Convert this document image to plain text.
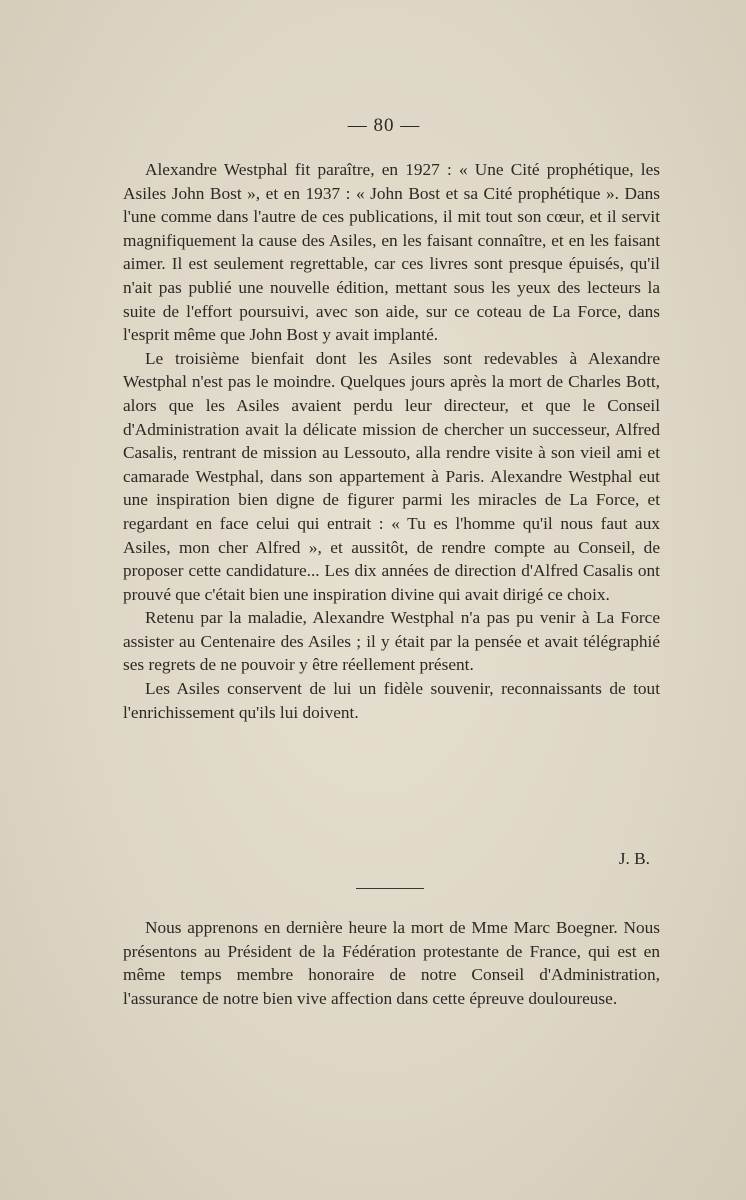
— 80 —

Alexandre Westphal fit paraître, en 1927 : « Une Cité prophétique, les Asiles John Bost », et en 1937 : « John Bost et sa Cité prophétique ». Dans l'une comme dans l'autre de ces publications, il mit tout son cœur, et il servit magnifiquement la cause des Asiles, en les faisant connaître, et en les faisant aimer. Il est seulement regrettable, car ces livres sont presque épuisés, qu'il n'ait pas publié une nouvelle édition, mettant sous les yeux des lecteurs la suite de l'effort poursuivi, avec son aide, sur ce coteau de La Force, dans l'esprit même que John Bost y avait implanté.

Le troisième bienfait dont les Asiles sont redevables à Alexandre Westphal n'est pas le moindre. Quelques jours après la mort de Charles Bott, alors que les Asiles avaient perdu leur directeur, et que le Conseil d'Administration avait la délicate mission de chercher un successeur, Alfred Casalis, rentrant de mission au Lessouto, alla rendre visite à son vieil ami et camarade Westphal, dans son appartement à Paris. Alexandre Westphal eut une inspiration bien digne de figurer parmi les miracles de La Force, et regardant en face celui qui entrait : « Tu es l'homme qu'il nous faut aux Asiles, mon cher Alfred », et aussitôt, de rendre compte au Conseil, de proposer cette candidature... Les dix années de direction d'Alfred Casalis ont prouvé que c'était bien une inspiration divine qui avait dirigé ce choix.

Retenu par la maladie, Alexandre Westphal n'a pas pu venir à La Force assister au Centenaire des Asiles ; il y était par la pensée et avait télégraphié ses regrets de ne pouvoir y être réellement présent.

Les Asiles conservent de lui un fidèle souvenir, reconnaissants de tout l'enrichissement qu'ils lui doivent.

J. B.

Nous apprenons en dernière heure la mort de Mme Marc Boegner. Nous présentons au Président de la Fédération protestante de France, qui est en même temps membre honoraire de notre Conseil d'Administration, l'assurance de notre bien vive affection dans cette épreuve douloureuse.
